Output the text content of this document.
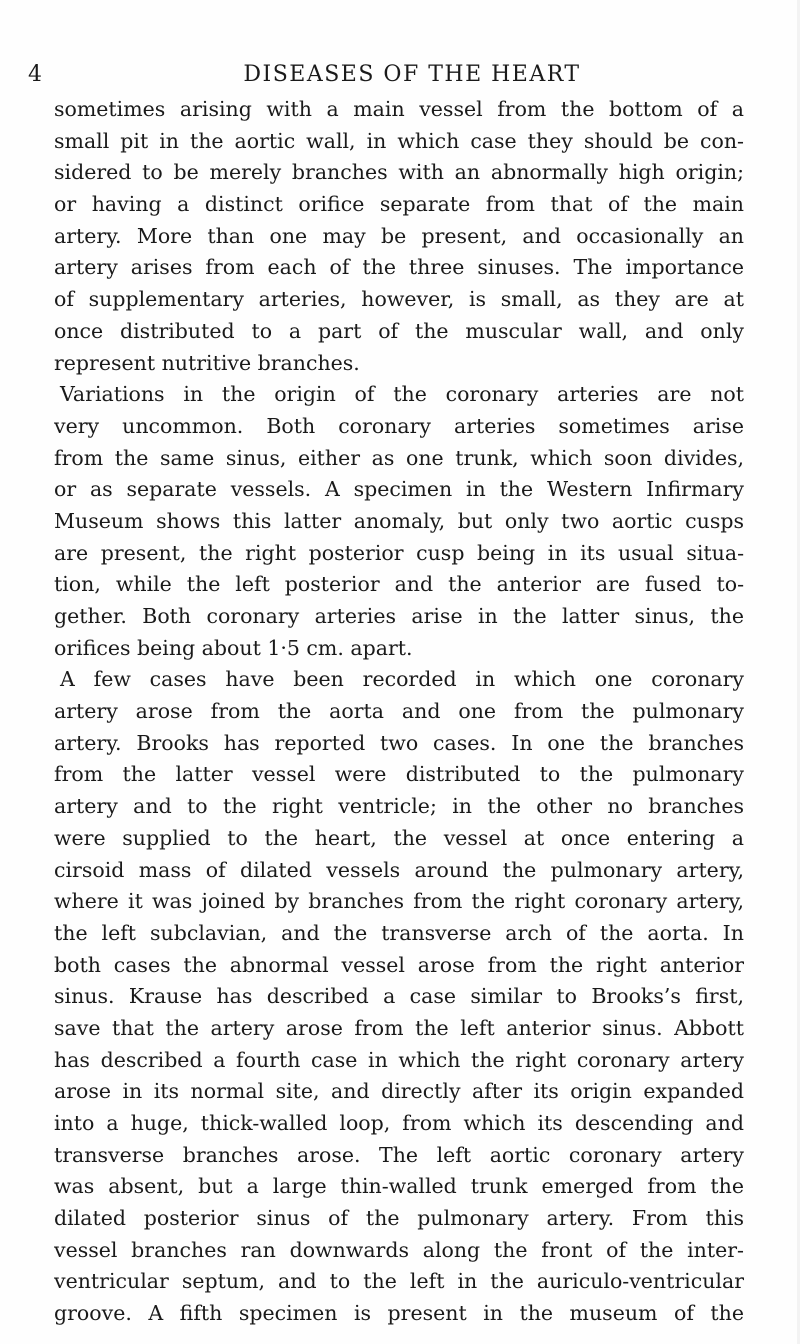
4	DISEASES OF THE HEART
sometimes arising with a main vessel from the bottom of a
small pit in the aortic wall, in which case they should be con-
sidered to be merely branches with an abnormally high origin;
or having a distinct orifice separate from that of the main
artery. More than one may be present, and occasionally an
artery arises from each of the three sinuses. The importance
of supplementary arteries, however, is small, as they are at
once distributed to a part of the muscular wall, and only
represent nutritive branches.
Variations in the origin of the coronary arteries are not
very uncommon. Both coronary arteries sometimes arise
from the same sinus, either as one trunk, which soon divides,
or as separate vessels. A specimen in the Western Infirmary
Museum shows this latter anomaly, but only two aortic cusps
are present, the right posterior cusp being in its usual situa-
tion, while the left posterior and the anterior are fused to-
gether. Both coronary arteries arise in the latter sinus, the
orifices being about 1·5 cm. apart.
A few cases have been recorded in which one coronary
artery arose from the aorta and one from the pulmonary
artery. Brooks has reported two cases. In one the branches
from the latter vessel were distributed to the pulmonary
artery and to the right ventricle; in the other no branches
were supplied to the heart, the vessel at once entering a
cirsoid mass of dilated vessels around the pulmonary artery,
where it was joined by branches from the right coronary artery,
the left subclavian, and the transverse arch of the aorta. In
both cases the abnormal vessel arose from the right anterior
sinus. Krause has described a case similar to Brooks’s first,
save that the artery arose from the left anterior sinus. Abbott
has described a fourth case in which the right coronary artery
arose in its normal site, and directly after its origin expanded
into a huge, thick-walled loop, from which its descending and
transverse branches arose. The left aortic coronary artery
was absent, but a large thin-walled trunk emerged from the
dilated posterior sinus of the pulmonary artery. From this
vessel branches ran downwards along the front of the inter-
ventricular septum, and to the left in the auriculo-ventricular
groove. A fifth specimen is present in the museum of the
